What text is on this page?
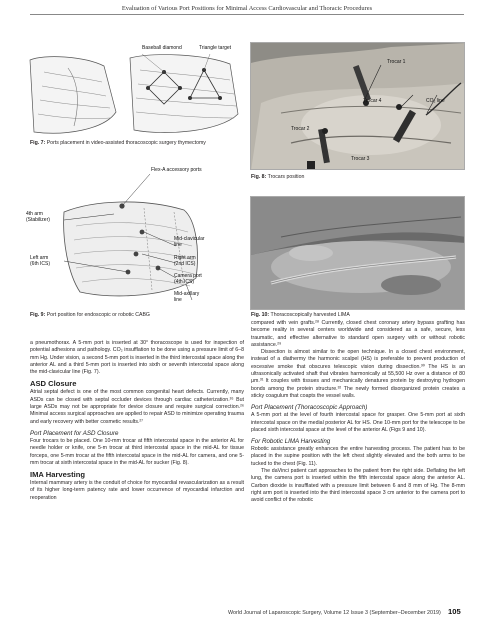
Evaluation of Various Port Positions for Minimal Access Cardiovascular and Thoracic Procedures
Baseball diamond	Triangle target
Fig. 7: Ports placement in video-assisted thoracoscopic surgery thymectomy
Trocar 1
Trocar 4	CO₂ line
Trocar 2
Trocar 3
Fig. 8: Trocars position
Flex-A accessory ports
4th arm
(Stabilizer)
Mid-clavicular
line
Left arm
(6th ICS)
Right arm
(2nd ICS)
Camera port
(4th ICS)
Mid-axillary
line
Fig. 9: Port position for endoscopic or robotic CABG	Fig. 10: Thoracoscopically harvested LIMA

a pneumothorax. A 5-mm port is inserted at 30° thoracoscope is used for inspection of potential adhesions and pathology. CO₂ insufflation to be done using a pressure limit of 6–8 mm Hg. Under vision, a second 5-mm port is inserted in the third intercostal space along the anterior AL and a third 5-mm port is inserted into sixth or seventh intercostal space along the mid-clavicular line (Fig. 7).

ASD Closure

Atrial septal defect is one of the most common congenital heart defects. Currently, many ASDs can be closed with septal occluder devices through cardiac catheterization.²⁶ But large ASDs may not be appropriate for device closure and require surgical correction.²⁶ Minimal access surgical approaches are applied to repair ASD to minimize operating trauma and early recovery with better cosmetic results.²⁷

Port Placement for ASD Closure

Four trocars to be placed. One 10-mm trocar at fifth intercostal space in the anterior AL for needle holder or knife, one 5-m trocar at third intercostal space in the mid-AL for tissue forceps, one 5-mm trocar at the fifth intercostal space in the mid-AL for camera, and one 5-mm trocar at sixth intercostal space in the mid-AL for sucker (Fig. 8).

IMA Harvesting

Internal mammary artery is the conduit of choice for myocardial revascularization as a result of its higher long-term patency rate and lower occurrence of myocardial infarction and reoperation

compared with vein grafts.²⁸ Currently, closed chest coronary artery bypass grafting has become reality in several centers worldwide and considered as a safe, secure, less traumatic, and effective alternative to standard open surgery with or without robotic assistance.²⁹

Dissection is almost similar to the open technique. In a closed chest environment, instead of a diathermy the harmonic scalpel (HS) is preferable to prevent production of excessive smoke that obscures telescopic vision during dissection.³⁰ The HS is an ultrasonically activated shaft that vibrates harmonically at 55,500 Hz over a distance of 80 μm.³¹ It couples with tissues and mechanically denatures protein by destroying hydrogen bonds among the protein structure.³² The newly formed disorganized protein creates a sticky coagulum that coapts the vessel walls.

Port Placement (Thoracoscopic Approach)

A 5-mm port at the level of fourth intercostal space for grasper. One 5-mm port at sixth intercostal space on the medial posterior AL for HS. One 10-mm port for the telescope to be placed sixth intercostal space at the level of the anterior AL (Figs 9 and 10).

For Robotic LIMA Harvesting

Robotic assistance greatly enhances the entire harvesting process. The patient has to be placed in the supine position with the left chest slightly elevated and the both arms to be tucked to the chest (Fig. 11).

The daVinci patient cart approaches to the patient from the right side. Deflating the left lung, the camera port is inserted within the fifth intercostal space along the anterior AL. Carbon dioxide is insufflated with a pressure limit between 6 and 8 mm of Hg. The 8-mm right arm port is inserted into the third intercostal space 3 cm anterior to the camera port to avoid conflict of the robotic

World Journal of Laparoscopic Surgery, Volume 12 Issue 3 (September–December 2019) 105
